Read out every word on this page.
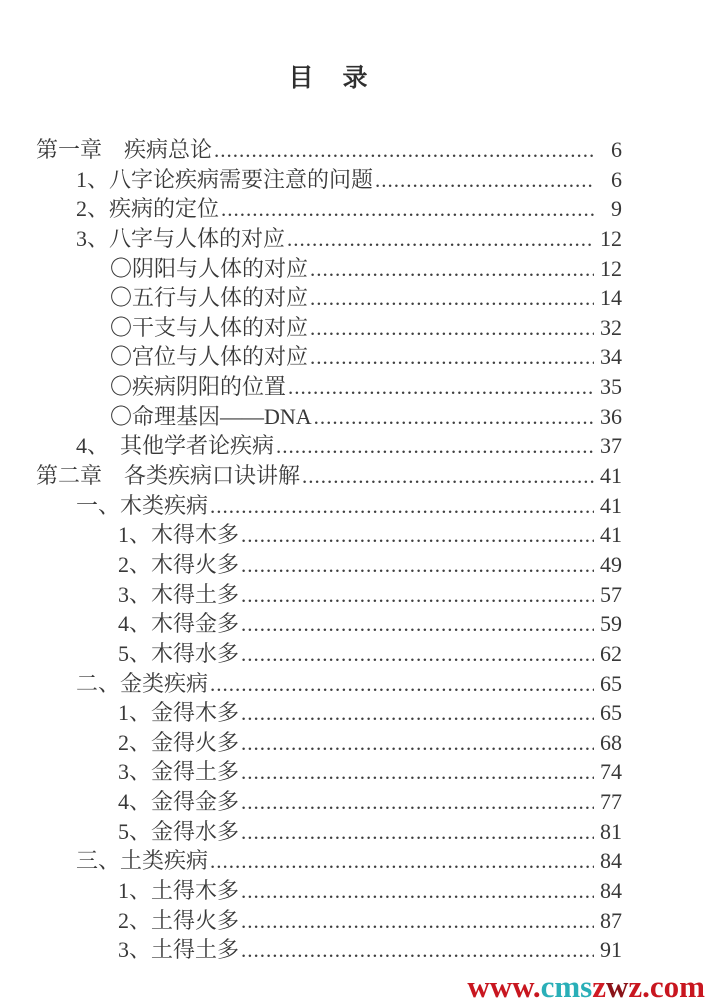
目　录
第一章　疾病总论 .....	6
1、八字论疾病需要注意的问题 .....	6
2、疾病的定位 .....	9
3、八字与人体的对应 .....	12
〇阴阳与人体的对应 .....	12
〇五行与人体的对应 .....	14
〇干支与人体的对应 .....	32
〇宫位与人体的对应 .....	34
〇疾病阴阳的位置 .....	35
〇命理基因——DNA .....	36
4、　其他学者论疾病 .....	37
第二章　各类疾病口诀讲解 .....	41
一、木类疾病 .....	41
1、木得木多 .....	41
2、木得火多 .....	49
3、木得土多 .....	57
4、木得金多 .....	59
5、木得水多 .....	62
二、金类疾病 .....	65
1、金得木多 .....	65
2、金得火多 .....	68
3、金得土多 .....	74
4、金得金多 .....	77
5、金得水多 .....	81
三、土类疾病 .....	84
1、土得木多 .....	84
2、土得火多 .....	87
3、土得土多 .....	91
www.cmszwz.com
